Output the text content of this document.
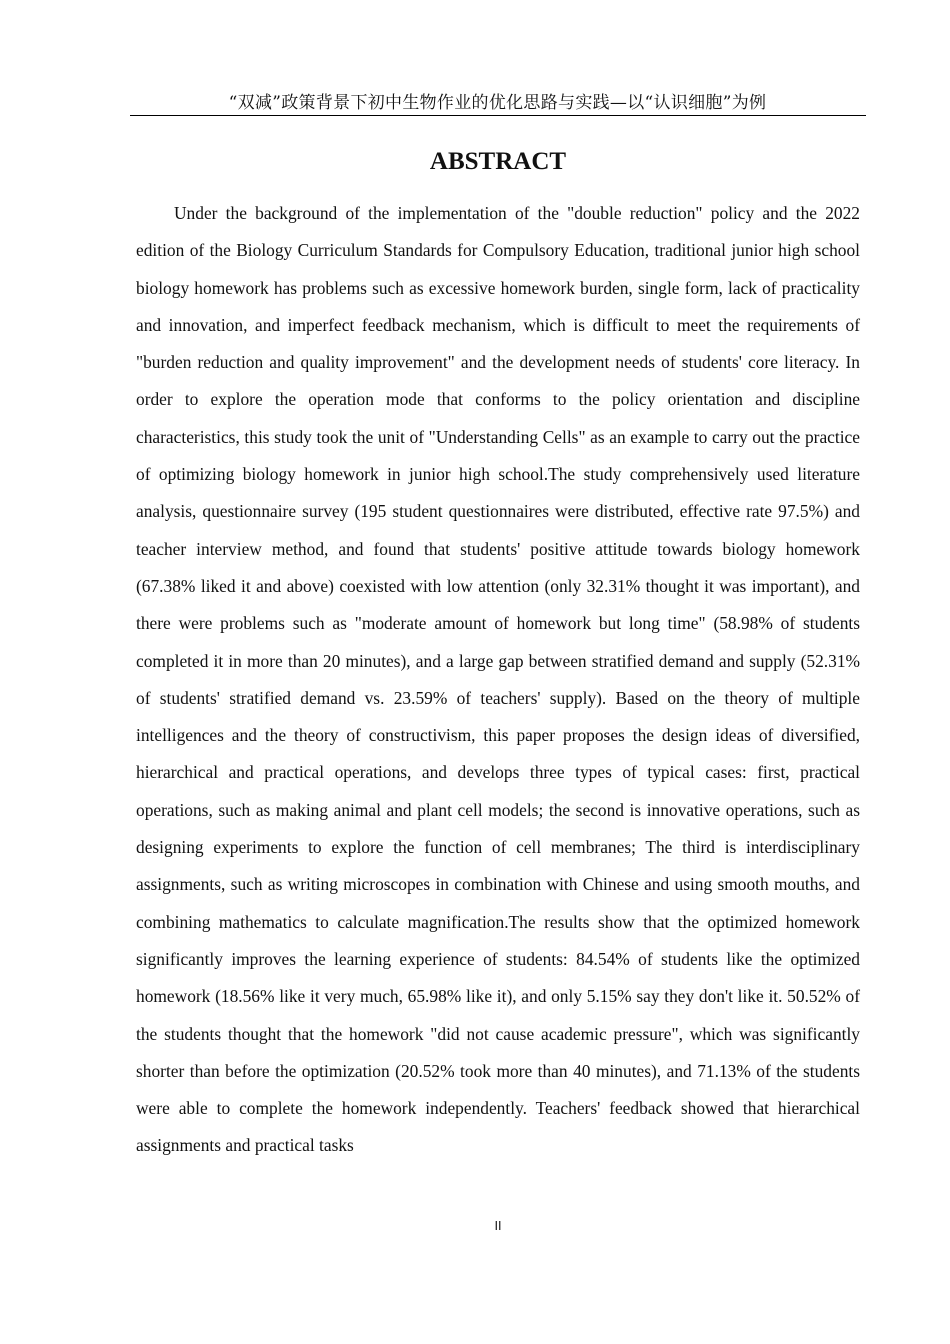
“双减”政策背景下初中生物作业的优化思路与实践—以“认识细胞”为例
ABSTRACT

Under the background of the implementation of the "double reduction" policy and the 2022 edition of the Biology Curriculum Standards for Compulsory Education, traditional junior high school biology homework has problems such as excessive homework burden, single form, lack of practicality and innovation, and imperfect feedback mechanism, which is difficult to meet the requirements of "burden reduction and quality improvement" and the development needs of students' core literacy. In order to explore the operation mode that conforms to the policy orientation and discipline characteristics, this study took the unit of "Understanding Cells" as an example to carry out the practice of optimizing biology homework in junior high school.The study comprehensively used literature analysis, questionnaire survey (195 student questionnaires were distributed, effective rate 97.5%) and teacher interview method, and found that students' positive attitude towards biology homework (67.38% liked it and above) coexisted with low attention (only 32.31% thought it was important), and there were problems such as "moderate amount of homework but long time" (58.98% of students completed it in more than 20 minutes), and a large gap between stratified demand and supply (52.31% of students' stratified demand vs. 23.59% of teachers' supply). Based on the theory of multiple intelligences and the theory of constructivism, this paper proposes the design ideas of diversified, hierarchical and practical operations, and develops three types of typical cases: first, practical operations, such as making animal and plant cell models; the second is innovative operations, such as designing experiments to explore the function of cell membranes; The third is interdisciplinary assignments, such as writing microscopes in combination with Chinese and using smooth mouths, and combining mathematics to calculate magnification.The results show that the optimized homework significantly improves the learning experience of students: 84.54% of students like the optimized homework (18.56% like it very much, 65.98% like it), and only 5.15% say they don't like it. 50.52% of the students thought that the homework "did not cause academic pressure", which was significantly shorter than before the optimization (20.52% took more than 40 minutes), and 71.13% of the students were able to complete the homework independently. Teachers' feedback showed that hierarchical assignments and practical tasks

II
